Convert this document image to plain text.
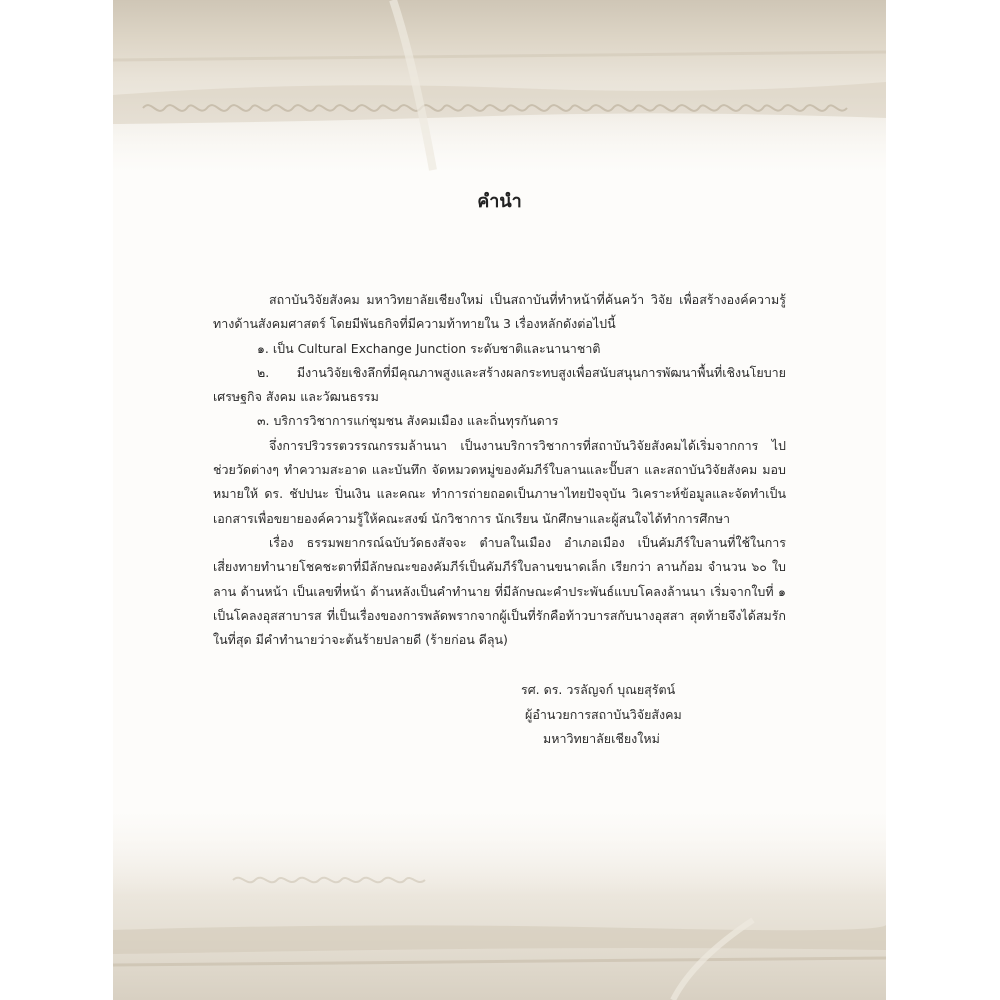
คำนำ

สถาบันวิจัยสังคม มหาวิทยาลัยเชียงใหม่ เป็นสถาบันที่ทำหน้าที่ค้นคว้า วิจัย เพื่อสร้างองค์ความรู้ทางด้านสังคมศาสตร์ โดยมีพันธกิจที่มีความท้าทายใน 3 เรื่องหลักดังต่อไปนี้

๑. เป็น Cultural Exchange Junction ระดับชาติและนานาชาติ

๒. มีงานวิจัยเชิงลึกที่มีคุณภาพสูงและสร้างผลกระทบสูงเพื่อสนับสนุนการพัฒนาพื้นที่เชิงนโยบาย เศรษฐกิจ สังคม และวัฒนธรรม

๓. บริการวิชาการแก่ชุมชน สังคมเมือง และถิ่นทุรกันดาร

จึ่งการปริวรรตวรรณกรรมล้านนา เป็นงานบริการวิชาการที่สถาบันวิจัยสังคมได้เริ่มจากการ ไปช่วยวัดต่างๆ ทำความสะอาด และบันทึก จัดหมวดหมู่ของคัมภีร์ใบลานและปั๊บสา และสถาบันวิจัยสังคม มอบหมายให้ ดร. ชัปปนะ ปิ่นเงิน และคณะ ทำการถ่ายถอดเป็นภาษาไทยปัจจุบัน วิเคราะห์ข้อมูลและจัดทำเป็นเอกสารเพื่อขยายองค์ความรู้ให้คณะสงฆ์ นักวิชาการ นักเรียน นักศึกษาและผู้สนใจได้ทำการศึกษา

เรื่อง ธรรมพยากรณ์ฉบับวัดธงสัจจะ ตำบลในเมือง อำเภอเมือง เป็นคัมภีร์ใบลานที่ใช้ในการเสี่ยงทายทำนายโชคชะตาที่มีลักษณะของคัมภีร์เป็นคัมภีร์ใบลานขนาดเล็ก เรียกว่า ลานก้อม จำนวน ๖๐ ใบลาน ด้านหน้า เป็นเลขที่หน้า ด้านหลังเป็นคำทำนาย ที่มีลักษณะคำประพันธ์แบบโคลงล้านนา เริ่มจากใบที่ ๑ เป็นโคลงอุสสาบารส ที่เป็นเรื่องของการพลัดพรากจากผู้เป็นที่รักคือท้าวบารสกับนางอุสสา สุดท้ายจึงได้สมรักในที่สุด มีคำทำนายว่าจะต้นร้ายปลายดี (ร้ายก่อน ดีลุน)

รศ. ดร. วรลัญจก์ บุณยสุรัตน์
ผู้อำนวยการสถาบันวิจัยสังคม
มหาวิทยาลัยเชียงใหม่
